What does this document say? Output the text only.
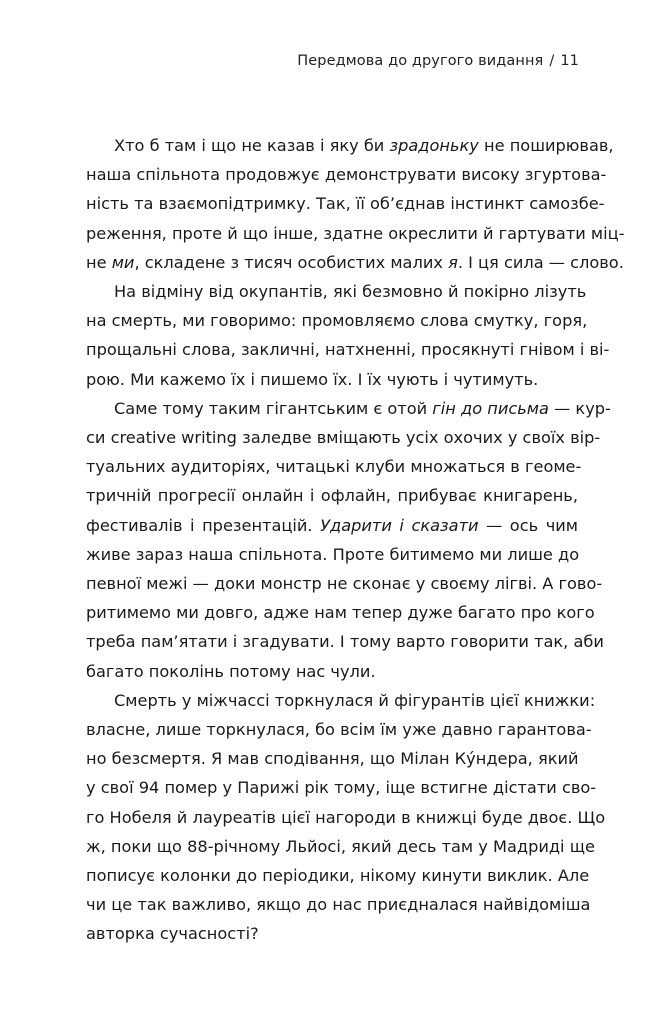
Передмова до другого видання / 11

Хто б там і що не казав і яку би зрадоньку не поширював,
наша спільнота продовжує демонструвати високу згуртова-
ність та взаємопідтримку. Так, її об’єднав інстинкт самозбе-
реження, проте й що інше, здатне окреслити й гартувати міц-
не ми, складене з тисяч особистих малих я. І ця сила — слово.

На відміну від окупантів, які безмовно й покірно лізуть
на смерть, ми говоримо: промовляємо слова смутку, горя,
прощальні слова, закличні, натхненні, просякнуті гнівом і ві-
рою. Ми кажемо їх і пишемо їх. І їх чують і чутимуть.

Саме тому таким гігантським є отой гін до письма — кур-
си creative writing заледве вміщають усіх охочих у своїх вір-
туальних аудиторіях, читацькі клуби множаться в геоме-
тричній прогресії онлайн і офлайн, прибуває книгарень,
фестивалів і презентацій. Ударити і сказати — ось чим
живе зараз наша спільнота. Проте битимемо ми лише до
певної межі — доки монстр не сконає у своєму лігві. А гово-
ритимемо ми довго, адже нам тепер дуже багато про кого
треба пам’ятати і згадувати. І тому варто говорити так, аби
багато поколінь потому нас чули.

Смерть у міжчассі торкнулася й фігурантів цієї книжки:
власне, лише торкнулася, бо всім їм уже давно гарантова-
но безсмертя. Я мав сподівання, що Мілан Ку́ндера, який
у свої 94 помер у Парижі рік тому, іще встигне дістати сво-
го Нобеля й лауреатів цієї нагороди в книжці буде двоє. Що
ж, поки що 88-річному Льйосі, який десь там у Мадриді ще
пописує колонки до періодики, нікому кинути виклик. Але
чи це так важливо, якщо до нас приєдналася найвідоміша
авторка сучасності?
